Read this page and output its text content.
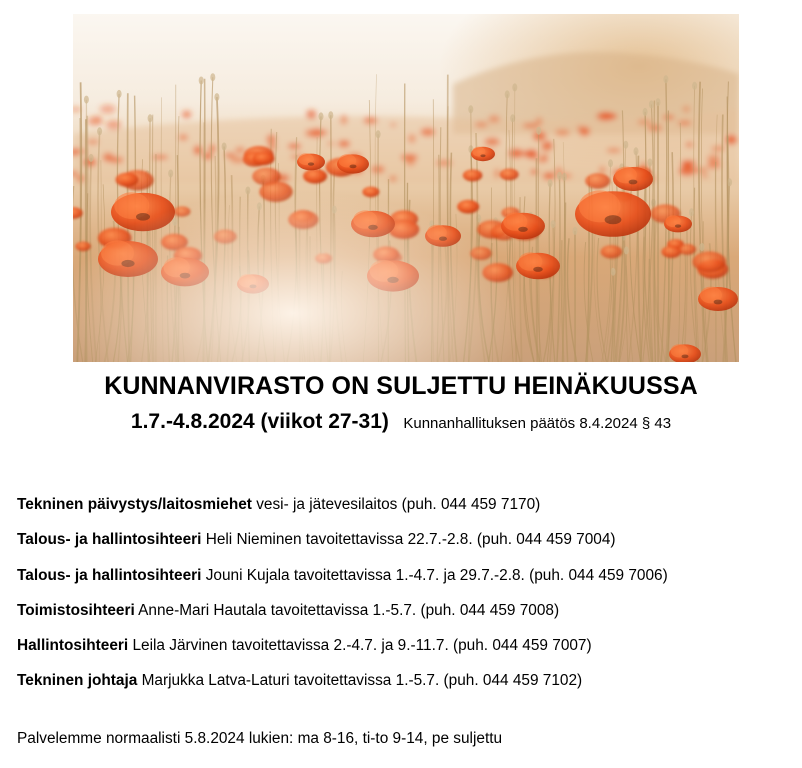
KUNNANVIRASTO ON SULJETTU HEINÄKUUSSA
1.7.-4.8.2024 (viikot 27-31) Kunnanhallituksen päätös 8.4.2024 § 43
Tekninen päivystys/laitosmiehet vesi- ja jätevesilaitos (puh. 044 459 7170)
Talous- ja hallintosihteeri Heli Nieminen tavoitettavissa 22.7.-2.8. (puh. 044 459 7004)
Talous- ja hallintosihteeri Jouni Kujala tavoitettavissa 1.-4.7. ja 29.7.-2.8. (puh. 044 459 7006)
Toimistosihteeri Anne-Mari Hautala tavoitettavissa 1.-5.7. (puh. 044 459 7008)
Hallintosihteeri Leila Järvinen tavoitettavissa 2.-4.7. ja 9.-11.7. (puh. 044 459 7007)
Tekninen johtaja Marjukka Latva-Laturi tavoitettavissa 1.-5.7. (puh. 044 459 7102)
Palvelemme normaalisti 5.8.2024 lukien: ma 8-16, ti-to 9-14, pe suljettu
